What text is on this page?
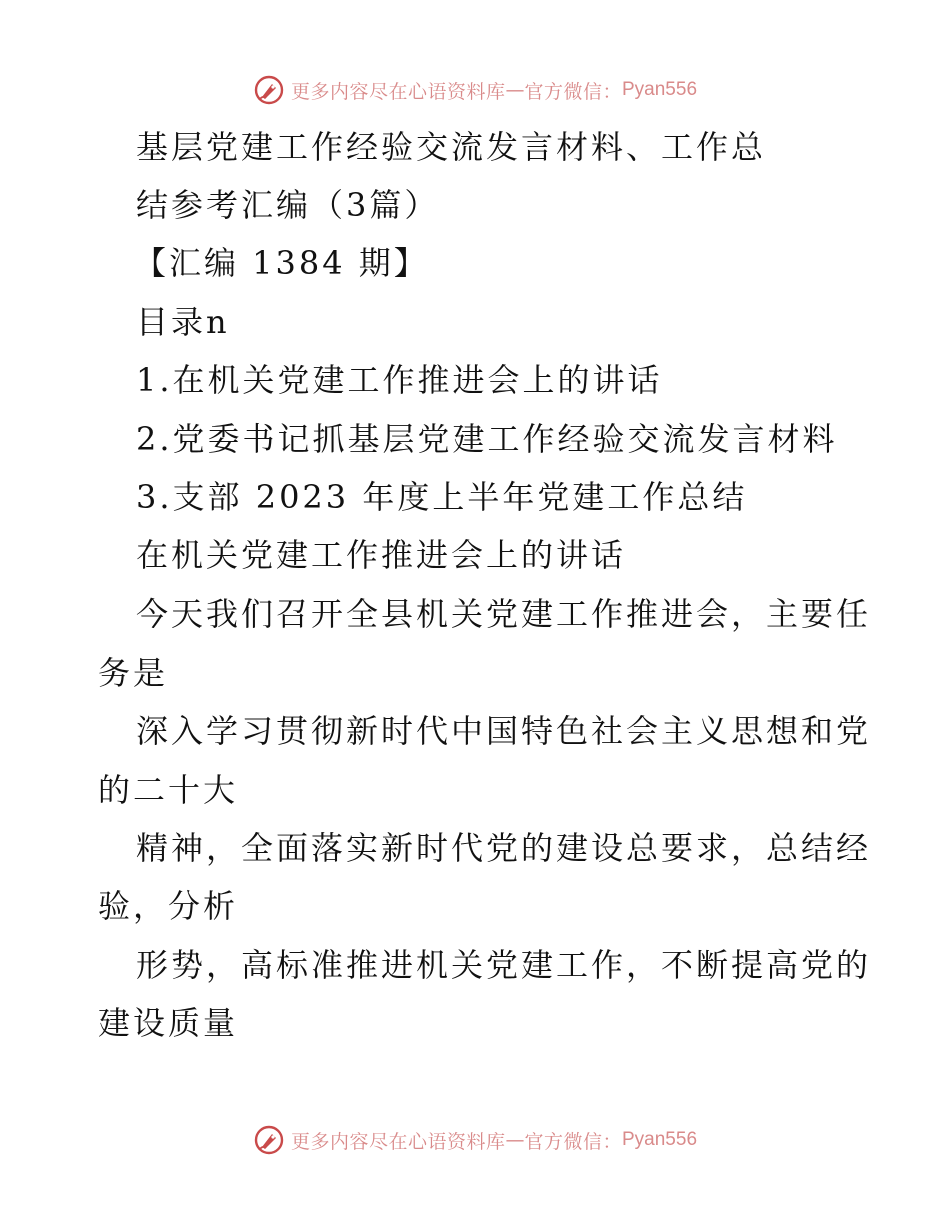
更多内容尽在心语资料库 — 官方微信： Pyan556
基层党建工作经验交流发言材料、工作总
结参考汇编（3篇）
【汇编 1384 期】
目录n
1.在机关党建工作推进会上的讲话
2.党委书记抓基层党建工作经验交流发言材料
3.支部 2023 年度上半年党建工作总结
在机关党建工作推进会上的讲话
今天我们召开全县机关党建工作推进会，主要任
务是
深入学习贯彻新时代中国特色社会主义思想和党
的二十大
精神，全面落实新时代党的建设总要求，总结经
验，分析
形势，高标准推进机关党建工作，不断提高党的
建设质量
更多内容尽在心语资料库 — 官方微信： Pyan556
